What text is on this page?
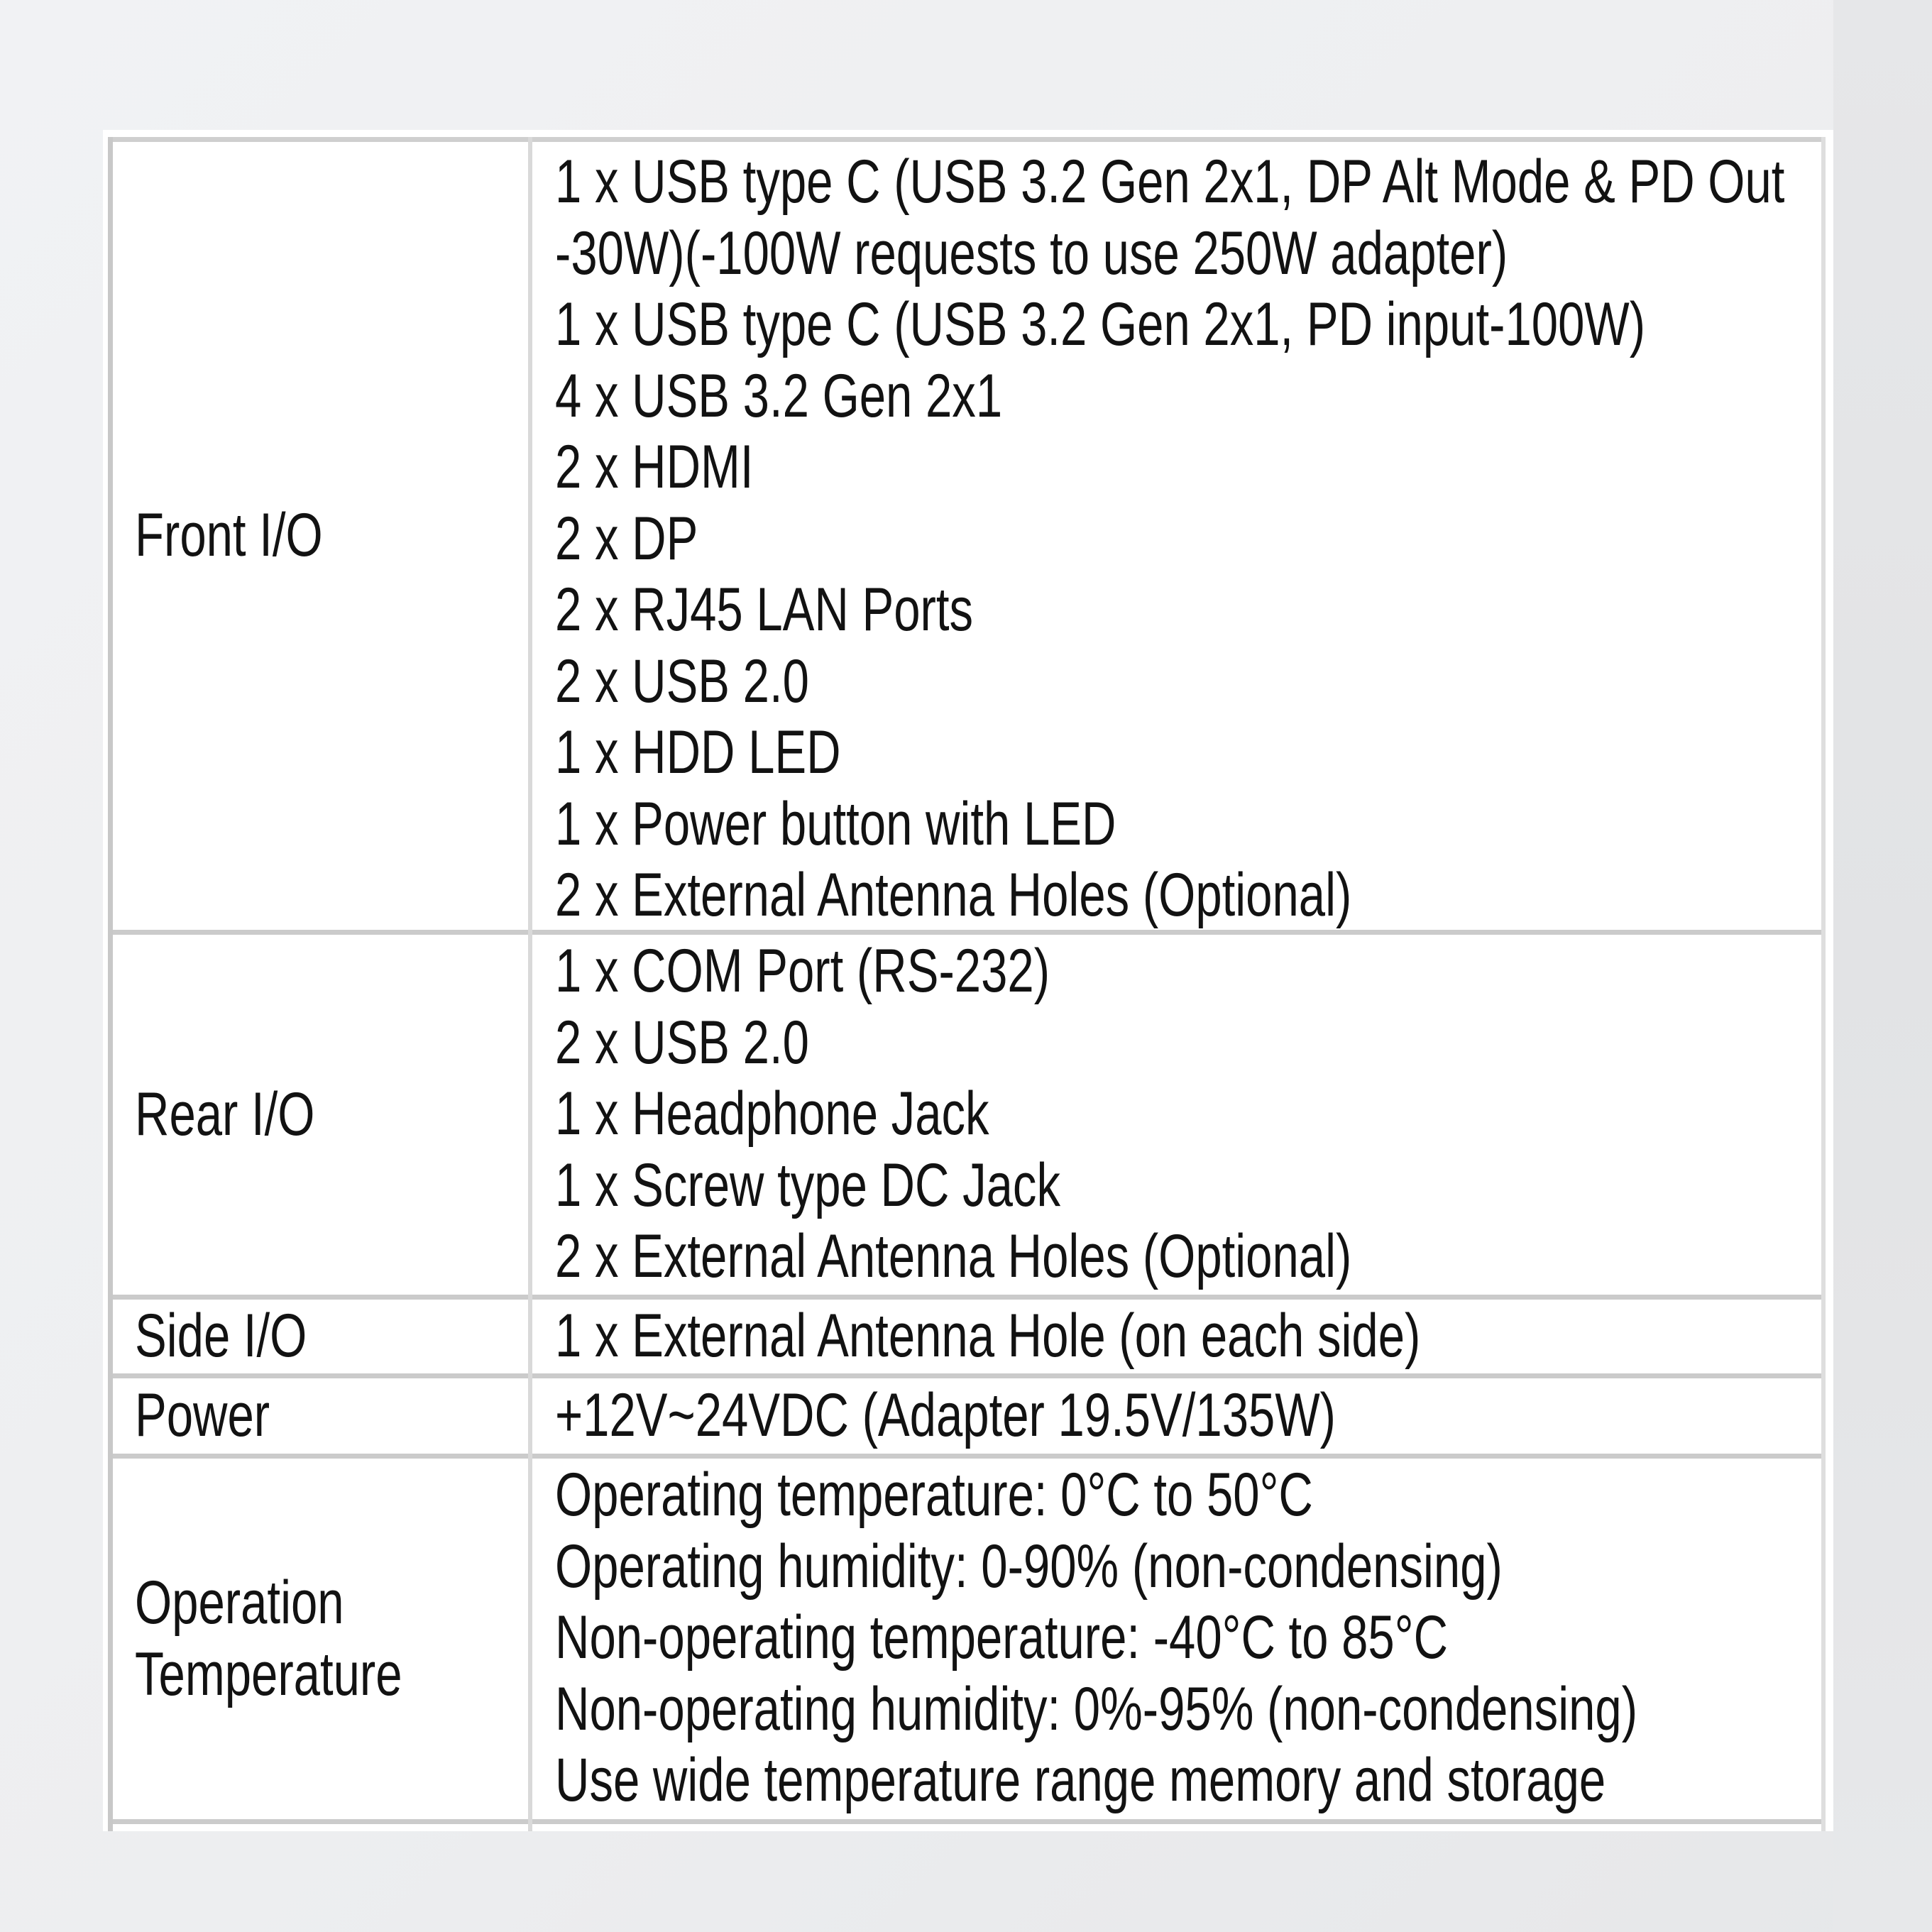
Front I/O
1 x USB type C (USB 3.2 Gen 2x1, DP Alt Mode & PD Out
-30W)(-100W requests to use 250W adapter)
1 x USB type C (USB 3.2 Gen 2x1, PD input-100W)
4 x USB 3.2 Gen 2x1
2 x HDMI
2 x DP
2 x RJ45 LAN Ports
2 x USB 2.0
1 x HDD LED
1 x Power button with LED
2 x External Antenna Holes (Optional)
Rear I/O
1 x COM Port (RS-232)
2 x USB 2.0
1 x Headphone Jack
1 x Screw type DC Jack
2 x External Antenna Holes (Optional)
Side I/O	1 x External Antenna Hole (on each side)
Power	+12V~24VDC (Adapter 19.5V/135W)
Operation
Temperature
Operating temperature: 0°C to 50°C
Operating humidity: 0-90% (non-condensing)
Non-operating temperature: -40°C to 85°C
Non-operating humidity: 0%-95% (non-condensing)
Use wide temperature range memory and storage
